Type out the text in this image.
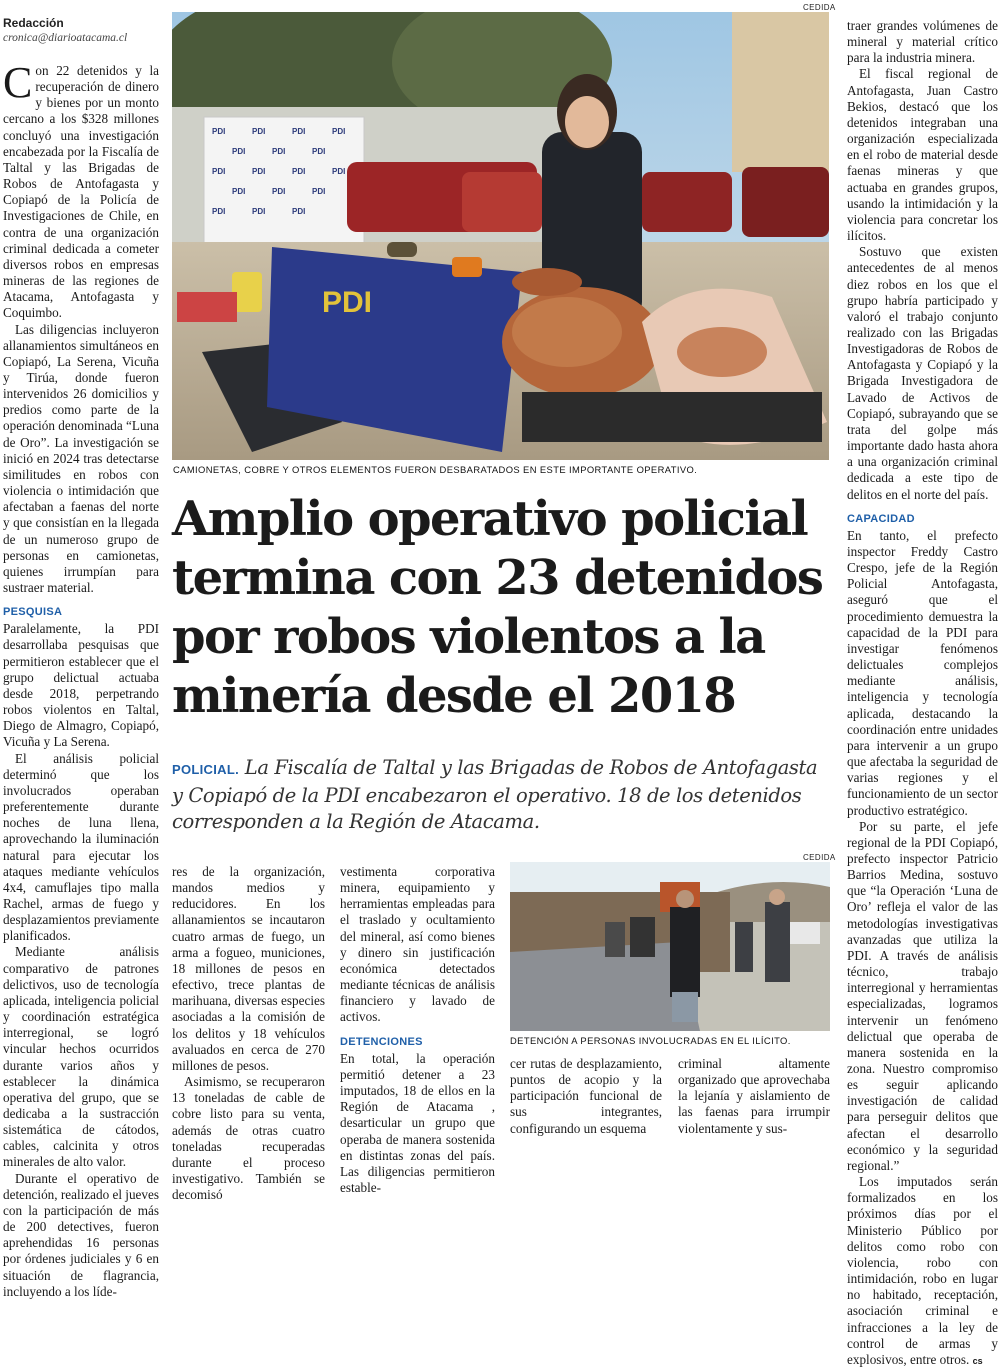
Redacción
cronica@diarioatacama.cl

Con 22 detenidos y la recuperación de dinero y bienes por un monto cercano a los $328 millones concluyó una investigación encabezada por la Fiscalía de Taltal y las Brigadas de Robos de Antofagasta y Copiapó de la Policía de Investigaciones de Chile, en contra de una organización criminal dedicada a cometer diversos robos en empresas mineras de las regiones de Atacama, Antofagasta y Coquimbo.

Las diligencias incluyeron allanamientos simultáneos en Copiapó, La Serena, Vicuña y Tirúa, donde fueron intervenidos 26 domicilios y predios como parte de la operación denominada “Luna de Oro”. La investigación se inició en 2024 tras detectarse similitudes en robos con violencia o intimidación que afectaban a faenas del norte y que consistían en la llegada de un numeroso grupo de personas en camionetas, quienes irrumpían para sustraer material.

PESQUISA

Paralelamente, la PDI desarrollaba pesquisas que permitieron establecer que el grupo delictual actuaba desde 2018, perpetrando robos violentos en Taltal, Diego de Almagro, Copiapó, Vicuña y La Serena.

El análisis policial determinó que los involucrados operaban preferentemente durante noches de luna llena, aprovechando la iluminación natural para ejecutar los ataques mediante vehículos 4x4, camuflajes tipo malla Rachel, armas de fuego y desplazamientos previamente planificados.

Mediante análisis comparativo de patrones delictivos, uso de tecnología aplicada, inteligencia policial y coordinación estratégica interregional, se logró vincular hechos ocurridos durante varios años y establecer la dinámica operativa del grupo, que se dedicaba a la sustracción sistemática de cátodos, cables, calcinita y otros minerales de alto valor.

Durante el operativo de detención, realizado el jueves con la participación de más de 200 detectives, fueron aprehendidas 16 personas por órdenes judiciales y 6 en situación de flagrancia, incluyendo a los líde-

PDI	PDI	PDI	PDI
PDI	PDI	PDI
PDI	PDI	PDI	PDI
PDI	PDI	PDI
PDI	PDI	PDI
PDI
CEDIDA
CAMIONETAS, COBRE Y OTROS ELEMENTOS FUERON DESBARATADOS EN ESTE IMPORTANTE OPERATIVO.
Amplio operativo policial termina con 23 detenidos por robos violentos a la minería desde el 2018
POLICIAL. La Fiscalía de Taltal y las Brigadas de Robos de Antofagasta y Copiapó de la PDI encabezaron el operativo. 18 de los detenidos corresponden a la Región de Atacama.

res de la organización, mandos medios y reducidores. En los allanamientos se incautaron cuatro armas de fuego, un arma a fogueo, municiones, 18 millones de pesos en efectivo, trece plantas de marihuana, diversas especies asociadas a la comisión de los delitos y 18 vehículos avaluados en cerca de 270 millones de pesos.

Asimismo, se recuperaron 13 toneladas de cable de cobre listo para su venta, además de otras cuatro toneladas recuperadas durante el proceso investigativo. También se decomisó

vestimenta corporativa minera, equipamiento y herramientas empleadas para el traslado y ocultamiento del mineral, así como bienes y dinero sin justificación económica detectados mediante técnicas de análisis financiero y lavado de activos.

DETENCIONES

En total, la operación permitió detener a 23 imputados, 18 de ellos en la Región de Atacama , desarticular un grupo que operaba de manera sostenida en distintas zonas del país. Las diligencias permitieron estable-

CEDIDA
DETENCIÓN A PERSONAS INVOLUCRADAS EN EL ILÍCITO.

cer rutas de desplazamiento, puntos de acopio y la participación funcional de sus integrantes, configurando un esquema

criminal altamente organizado que aprovechaba la lejanía y aislamiento de las faenas para irrumpir violentamente y sus-

traer grandes volúmenes de mineral y material crítico para la industria minera.

El fiscal regional de Antofagasta, Juan Castro Bekios, destacó que los detenidos integraban una organización especializada en el robo de material desde faenas mineras y que actuaba en grandes grupos, usando la intimidación y la violencia para concretar los ilícitos.

Sostuvo que existen antecedentes de al menos diez robos en los que el grupo habría participado y valoró el trabajo conjunto realizado con las Brigadas Investigadoras de Robos de Antofagasta y Copiapó y la Brigada Investigadora de Lavado de Activos de Copiapó, subrayando que se trata del golpe más importante dado hasta ahora a una organización criminal dedicada a este tipo de delitos en el norte del país.

CAPACIDAD

En tanto, el prefecto inspector Freddy Castro Crespo, jefe de la Región Policial Antofagasta, aseguró que el procedimiento demuestra la capacidad de la PDI para investigar fenómenos delictuales complejos mediante análisis, inteligencia y tecnología aplicada, destacando la coordinación entre unidades para intervenir a un grupo que afectaba la seguridad de varias regiones y el funcionamiento de un sector productivo estratégico.

Por su parte, el jefe regional de la PDI Copiapó, prefecto inspector Patricio Barrios Medina, sostuvo que “la Operación ‘Luna de Oro’ refleja el valor de las metodologías investigativas avanzadas que utiliza la PDI. A través de análisis técnico, trabajo interregional y herramientas especializadas, logramos intervenir un fenómeno delictual que operaba de manera sostenida en la zona. Nuestro compromiso es seguir aplicando investigación de calidad para perseguir delitos que afectan el desarrollo económico y la seguridad regional.”

Los imputados serán formalizados en los próximos días por el Ministerio Público por delitos como robo con violencia, robo con intimidación, robo en lugar no habitado, receptación, asociación criminal e infracciones a la ley de control de armas y explosivos, entre otros. cs
